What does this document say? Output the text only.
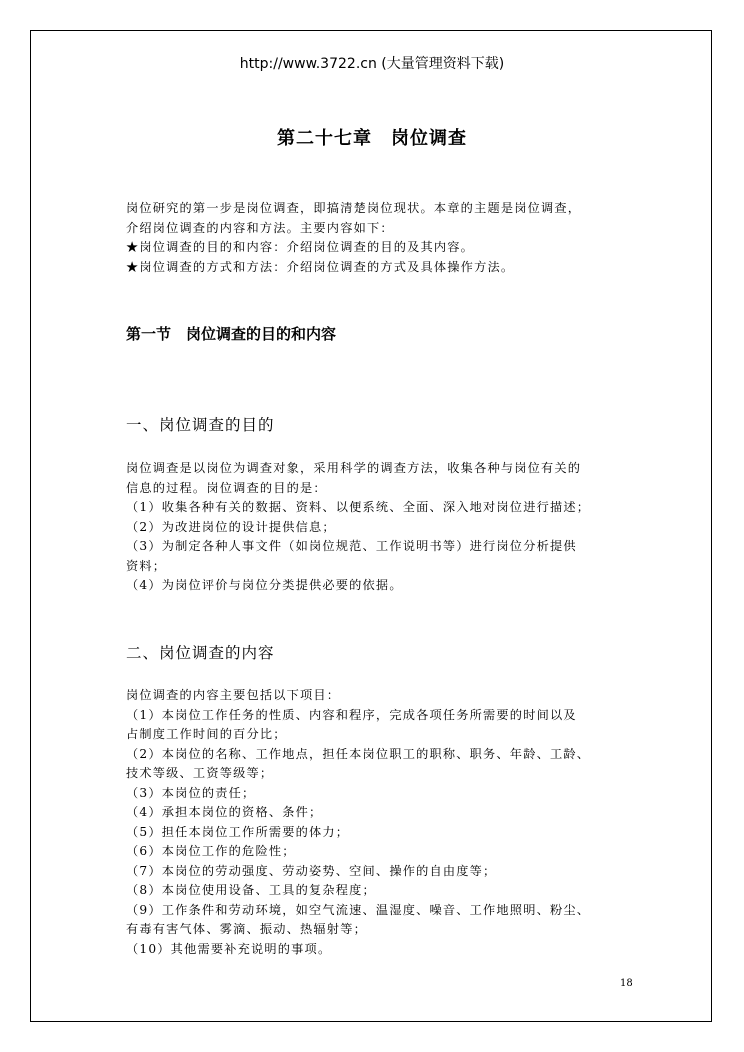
http://www.3722.cn (大量管理资料下载)
第二十七章　岗位调查
岗位研究的第一步是岗位调查，即搞清楚岗位现状。本章的主题是岗位调查，
介绍岗位调查的内容和方法。主要内容如下：
★岗位调查的目的和内容：介绍岗位调查的目的及其内容。
★岗位调查的方式和方法：介绍岗位调查的方式及具体操作方法。
第一节　岗位调查的目的和内容
一、岗位调查的目的
岗位调查是以岗位为调查对象，采用科学的调查方法，收集各种与岗位有关的
信息的过程。岗位调查的目的是：
（1）收集各种有关的数据、资料、以便系统、全面、深入地对岗位进行描述；
（2）为改进岗位的设计提供信息；
（3）为制定各种人事文件（如岗位规范、工作说明书等）进行岗位分析提供
资料；
（4）为岗位评价与岗位分类提供必要的依据。
二、岗位调查的内容
岗位调查的内容主要包括以下项目：
（1）本岗位工作任务的性质、内容和程序，完成各项任务所需要的时间以及
占制度工作时间的百分比；
（2）本岗位的名称、工作地点，担任本岗位职工的职称、职务、年龄、工龄、
技术等级、工资等级等；
（3）本岗位的责任；
（4）承担本岗位的资格、条件；
（5）担任本岗位工作所需要的体力；
（6）本岗位工作的危险性；
（7）本岗位的劳动强度、劳动姿势、空间、操作的自由度等；
（8）本岗位使用设备、工具的复杂程度；
（9）工作条件和劳动环境，如空气流速、温湿度、噪音、工作地照明、粉尘、
有毒有害气体、雾滴、振动、热辐射等；
（10）其他需要补充说明的事项。
18
